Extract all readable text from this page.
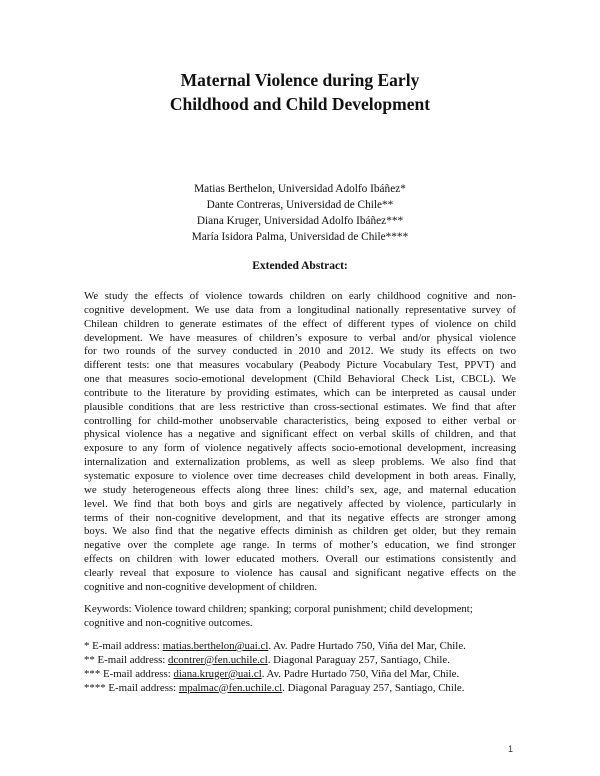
Maternal Violence during Early
Childhood and Child Development
Matias Berthelon, Universidad Adolfo Ibáñez*
Dante Contreras, Universidad de Chile**
Diana Kruger, Universidad Adolfo Ibáñez***
María Isidora Palma, Universidad de Chile****
Extended Abstract:
We study the effects of violence towards children on early childhood cognitive and non-
cognitive development. We use data from a longitudinal nationally representative survey of
Chilean children to generate estimates of the effect of different types of violence on child
development. We have measures of children’s exposure to verbal and/or physical violence
for two rounds of the survey conducted in 2010 and 2012. We study its effects on two
different tests: one that measures vocabulary (Peabody Picture Vocabulary Test, PPVT) and
one that measures socio-emotional development (Child Behavioral Check List, CBCL). We
contribute to the literature by providing estimates, which can be interpreted as causal under
plausible conditions that are less restrictive than cross-sectional estimates. We find that after
controlling for child-mother unobservable characteristics, being exposed to either verbal or
physical violence has a negative and significant effect on verbal skills of children, and that
exposure to any form of violence negatively affects socio-emotional development, increasing
internalization and externalization problems, as well as sleep problems. We also find that
systematic exposure to violence over time decreases child development in both areas. Finally,
we study heterogeneous effects along three lines: child’s sex, age, and maternal education
level. We find that both boys and girls are negatively affected by violence, particularly in
terms of their non-cognitive development, and that its negative effects are stronger among
boys. We also find that the negative effects diminish as children get older, but they remain
negative over the complete age range. In terms of mother’s education, we find stronger
effects on children with lower educated mothers. Overall our estimations consistently and
clearly reveal that exposure to violence has causal and significant negative effects on the
cognitive and non-cognitive development of children.
Keywords: Violence toward children; spanking; corporal punishment; child development;
cognitive and non-cognitive outcomes.
* E-mail address: matias.berthelon@uai.cl. Av. Padre Hurtado 750, Viña del Mar, Chile.
** E-mail address: dcontrer@fen.uchile.cl. Diagonal Paraguay 257, Santiago, Chile.
*** E-mail address: diana.kruger@uai.cl. Av. Padre Hurtado 750, Viña del Mar, Chile.
**** E-mail address: mpalmac@fen.uchile.cl. Diagonal Paraguay 257, Santiago, Chile.
1
